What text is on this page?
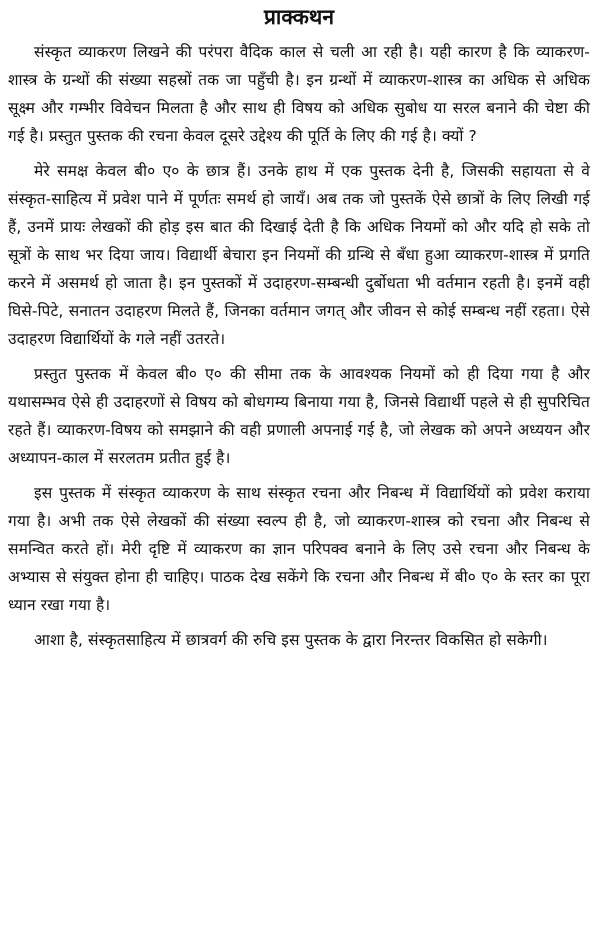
प्राक्कथन

संस्कृत व्याकरण लिखने की परंपरा वैदिक काल से चली आ रही है। यही कारण है कि व्याकरण-शास्त्र के ग्रन्थों की संख्या सहस्रों तक जा पहुँची है। इन ग्रन्थों में व्याकरण-शास्त्र का अधिक से अधिक सूक्ष्म और गम्भीर विवेचन मिलता है और साथ ही विषय को अधिक सुबोध या सरल बनाने की चेष्टा की गई है। प्रस्तुत पुस्तक की रचना केवल दूसरे उद्देश्य की पूर्ति के लिए की गई है। क्यों ?

मेरे समक्ष केवल बी० ए० के छात्र हैं। उनके हाथ में एक पुस्तक देनी है, जिसकी सहायता से वे संस्कृत-साहित्य में प्रवेश पाने में पूर्णतः समर्थ हो जायँ। अब तक जो पुस्तकें ऐसे छात्रों के लिए लिखी गई हैं, उनमें प्रायः लेखकों की होड़ इस बात की दिखाई देती है कि अधिक नियमों को और यदि हो सके तो सूत्रों के साथ भर दिया जाय। विद्यार्थी बेचारा इन नियमों की ग्रन्थि से बँधा हुआ व्याकरण-शास्त्र में प्रगति करने में असमर्थ हो जाता है। इन पुस्तकों में उदाहरण-सम्बन्धी दुर्बोधता भी वर्तमान रहती है। इनमें वही घिसे-पिटे, सनातन उदाहरण मिलते हैं, जिनका वर्तमान जगत् और जीवन से कोई सम्बन्ध नहीं रहता। ऐसे उदाहरण विद्यार्थियों के गले नहीं उतरते।

प्रस्तुत पुस्तक में केवल बी० ए० की सीमा तक के आवश्यक नियमों को ही दिया गया है और यथासम्भव ऐसे ही उदाहरणों से विषय को बोधगम्य बिनाया गया है, जिनसे विद्यार्थी पहले से ही सुपरिचित रहते हैं। व्याकरण-विषय को समझाने की वही प्रणाली अपनाई गई है, जो लेखक को अपने अध्ययन और अध्यापन-काल में सरलतम प्रतीत हुई है।

इस पुस्तक में संस्कृत व्याकरण के साथ संस्कृत रचना और निबन्ध में विद्यार्थियों को प्रवेश कराया गया है। अभी तक ऐसे लेखकों की संख्या स्वल्प ही है, जो व्याकरण-शास्त्र को रचना और निबन्ध से समन्वित करते हों। मेरी दृष्टि में व्याकरण का ज्ञान परिपक्व बनाने के लिए उसे रचना और निबन्ध के अभ्यास से संयुक्त होना ही चाहिए। पाठक देख सकेंगे कि रचना और निबन्ध में बी० ए० के स्तर का पूरा ध्यान रखा गया है।

आशा है, संस्कृतसाहित्य में छात्रवर्ग की रुचि इस पुस्तक के द्वारा निरन्तर विकसित हो सकेगी।
